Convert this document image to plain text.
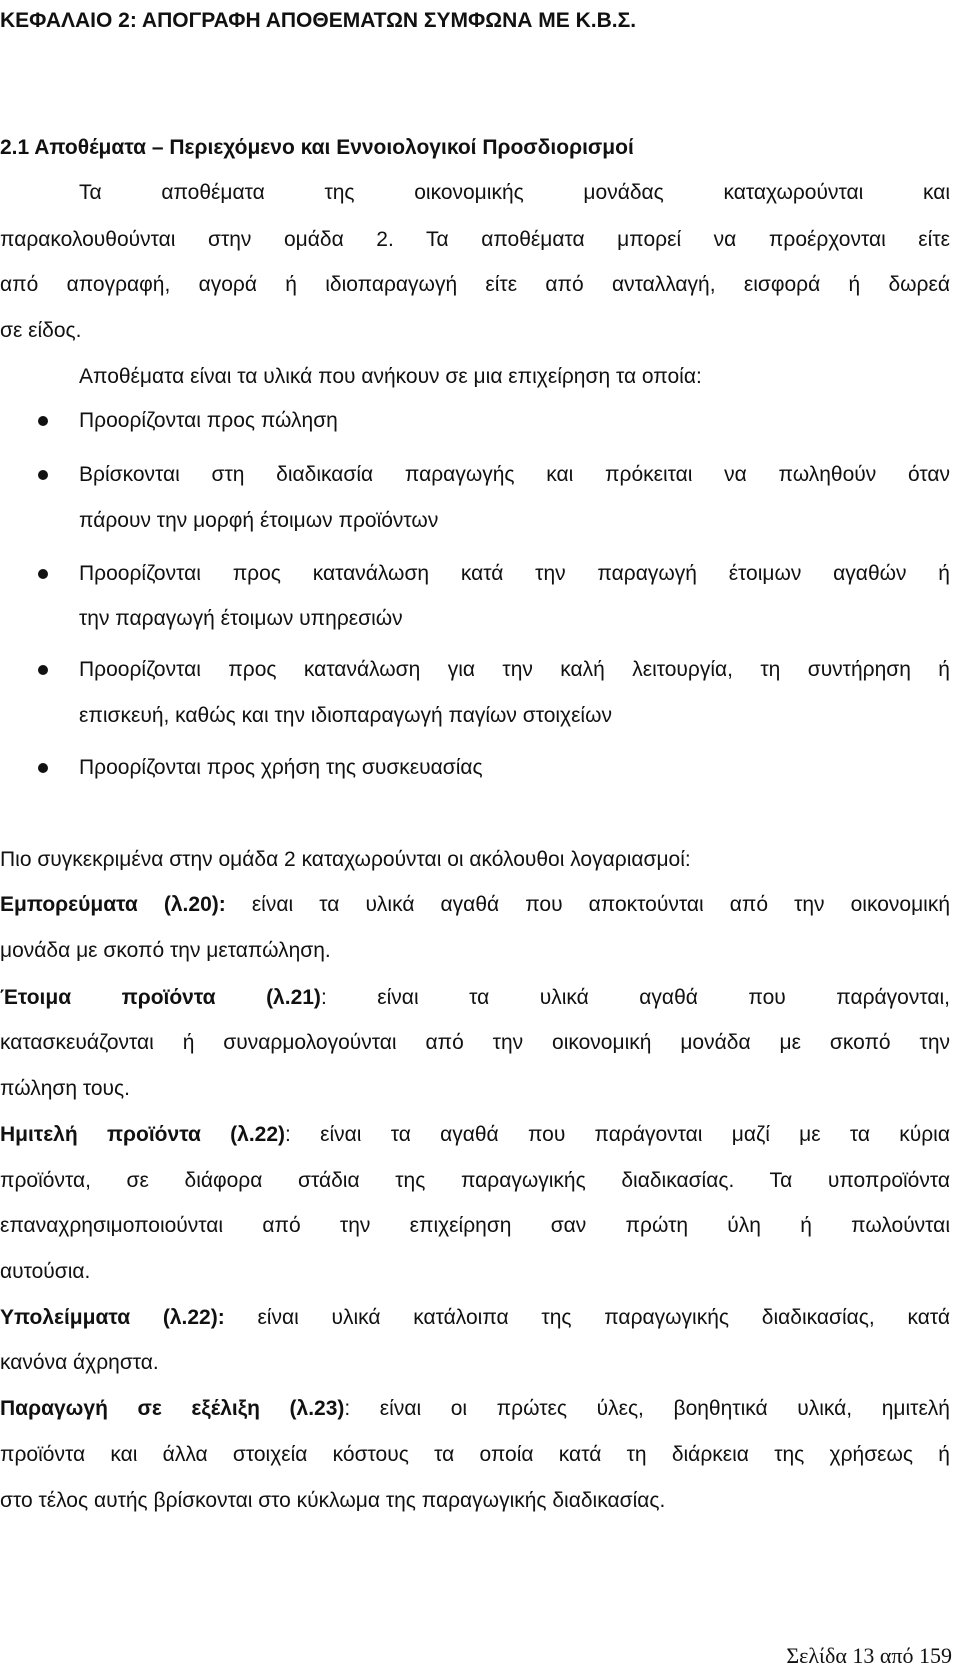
ΚΕΦΑΛΑΙΟ 2: ΑΠΟΓΡΑΦΗ ΑΠΟΘΕΜΑΤΩΝ ΣΥΜΦΩΝΑ ΜΕ Κ.Β.Σ.
2.1 Αποθέματα – Περιεχόμενο και Εννοιολογικοί Προσδιορισμοί
Τα αποθέματα της οικονομικής μονάδας καταχωρούνται και
παρακολουθούνται στην ομάδα 2. Τα αποθέματα μπορεί να προέρχονται είτε
από απογραφή, αγορά ή ιδιοπαραγωγή είτε από ανταλλαγή, εισφορά ή δωρεά
σε είδος.
Αποθέματα είναι τα υλικά που ανήκουν σε μια επιχείρηση τα οποία:
Προορίζονται προς πώληση
Βρίσκονται στη διαδικασία παραγωγής και πρόκειται να πωληθούν όταν
πάρουν την μορφή έτοιμων προϊόντων
Προορίζονται προς κατανάλωση κατά την παραγωγή έτοιμων αγαθών ή
την παραγωγή έτοιμων υπηρεσιών
Προορίζονται προς κατανάλωση για την καλή λειτουργία, τη συντήρηση ή
επισκευή, καθώς και την ιδιοπαραγωγή παγίων στοιχείων
Προορίζονται προς χρήση της συσκευασίας
Πιο συγκεκριμένα στην ομάδα 2 καταχωρούνται οι ακόλουθοι λογαριασμοί:
Εμπορεύματα (λ.20): είναι τα υλικά αγαθά που αποκτούνται από την οικονομική
μονάδα με σκοπό την μεταπώληση.
Έτοιμα προϊόντα (λ.21): είναι τα υλικά αγαθά που παράγονται,
κατασκευάζονται ή συναρμολογούνται από την οικονομική μονάδα με σκοπό την
πώληση τους.
Ημιτελή προϊόντα (λ.22): είναι τα αγαθά που παράγονται μαζί με τα κύρια
προϊόντα, σε διάφορα στάδια της παραγωγικής διαδικασίας. Τα υποπροϊόντα
επαναχρησιμοποιούνται από την επιχείρηση σαν πρώτη ύλη ή πωλούνται
αυτούσια.
Υπολείμματα (λ.22): είναι υλικά κατάλοιπα της παραγωγικής διαδικασίας, κατά
κανόνα άχρηστα.
Παραγωγή σε εξέλιξη (λ.23): είναι οι πρώτες ύλες, βοηθητικά υλικά, ημιτελή
προϊόντα και άλλα στοιχεία κόστους τα οποία κατά τη διάρκεια της χρήσεως ή
στο τέλος αυτής βρίσκονται στο κύκλωμα της παραγωγικής διαδικασίας.
Σελίδα 13 από 159
